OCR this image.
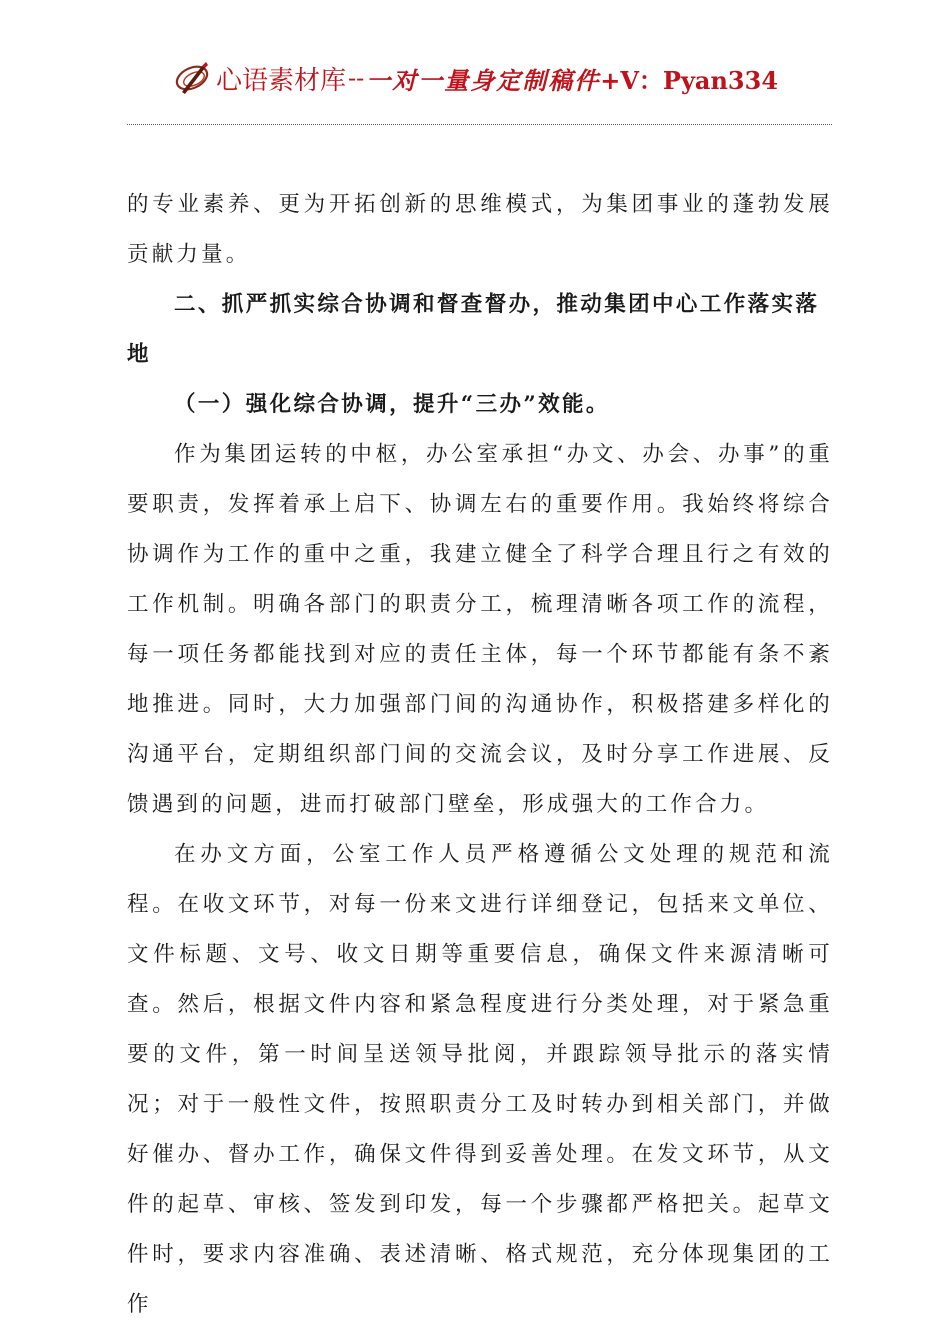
心语素材库--一对一量身定制稿件+V：Pyan334

的专业素养、更为开拓创新的思维模式，为集团事业的蓬勃发展贡献力量。

二、抓严抓实综合协调和督查督办，推动集团中心工作落实落地

（一）强化综合协调，提升“三办”效能。

作为集团运转的中枢，办公室承担“办文、办会、办事”的重要职责，发挥着承上启下、协调左右的重要作用。我始终将综合协调作为工作的重中之重，我建立健全了科学合理且行之有效的工作机制。明确各部门的职责分工，梳理清晰各项工作的流程，每一项任务都能找到对应的责任主体，每一个环节都能有条不紊地推进。同时，大力加强部门间的沟通协作，积极搭建多样化的沟通平台，定期组织部门间的交流会议，及时分享工作进展、反馈遇到的问题，进而打破部门壁垒，形成强大的工作合力。

在办文方面，公室工作人员严格遵循公文处理的规范和流程。在收文环节，对每一份来文进行详细登记，包括来文单位、文件标题、文号、收文日期等重要信息，确保文件来源清晰可查。然后，根据文件内容和紧急程度进行分类处理，对于紧急重要的文件，第一时间呈送领导批阅，并跟踪领导批示的落实情况；对于一般性文件，按照职责分工及时转办到相关部门，并做好催办、督办工作，确保文件得到妥善处理。在发文环节，从文件的起草、审核、签发到印发，每一个步骤都严格把关。起草文件时，要求内容准确、表述清晰、格式规范，充分体现集团的工作
